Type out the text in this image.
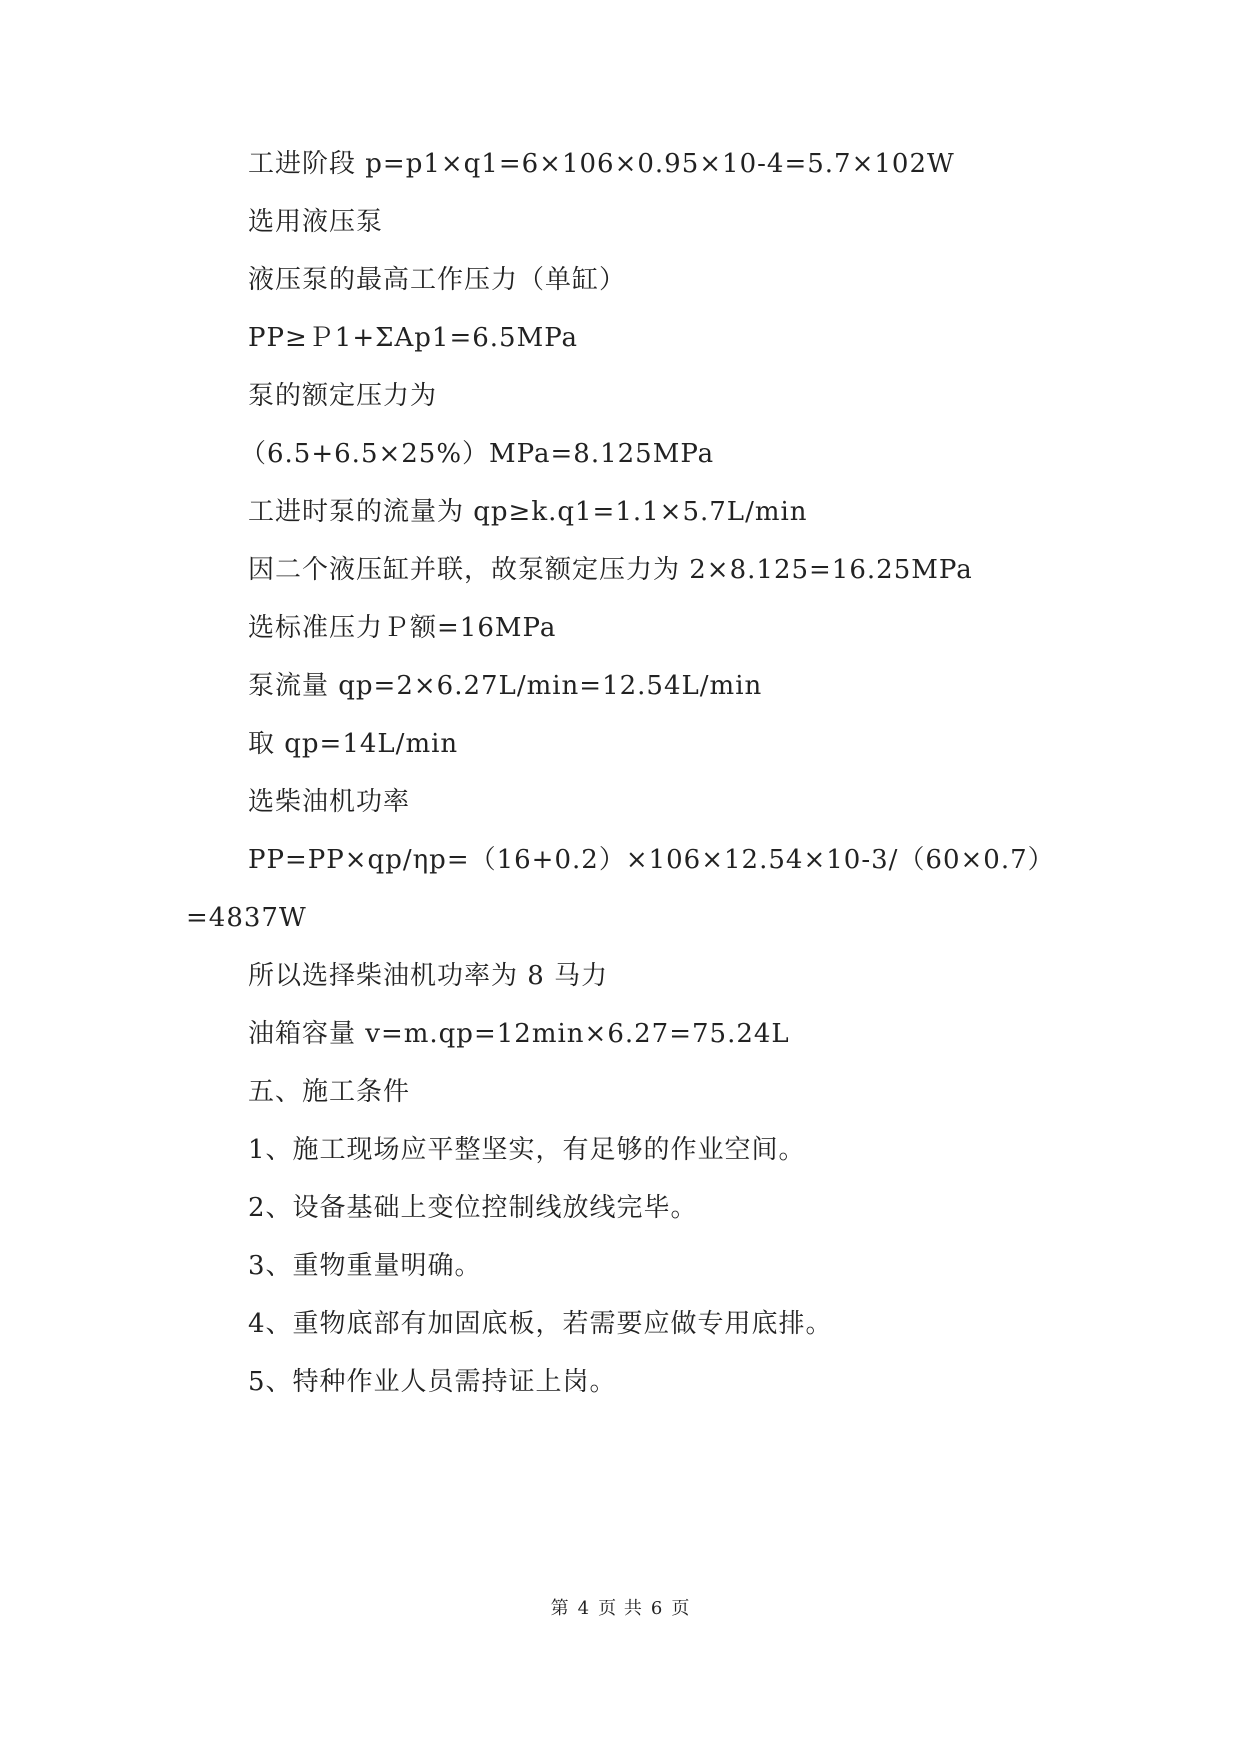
工进阶段 p=p1×q1=6×106×0.95×10-4=5.7×102W
选用液压泵
液压泵的最高工作压力（单缸）
PP≥Ｐ1+ΣAp1=6.5MPa
泵的额定压力为
（6.5+6.5×25%）MPa=8.125MPa
工进时泵的流量为 qp≥k.q1=1.1×5.7L/min
因二个液压缸并联，故泵额定压力为 2×8.125=16.25MPa
选标准压力Ｐ额=16MPa
泵流量 qp=2×6.27L/min=12.54L/min
取 qp=14L/min
选柴油机功率
PP=PP×qp/ηp=（16+0.2）×106×12.54×10-3/（60×0.7）
=4837W
所以选择柴油机功率为 8 马力
油箱容量 v=m.qp=12min×6.27=75.24L
五、施工条件
1、施工现场应平整坚实，有足够的作业空间。
2、设备基础上变位控制线放线完毕。
3、重物重量明确。
4、重物底部有加固底板，若需要应做专用底排。
5、特种作业人员需持证上岗。
第 4 页 共 6 页
